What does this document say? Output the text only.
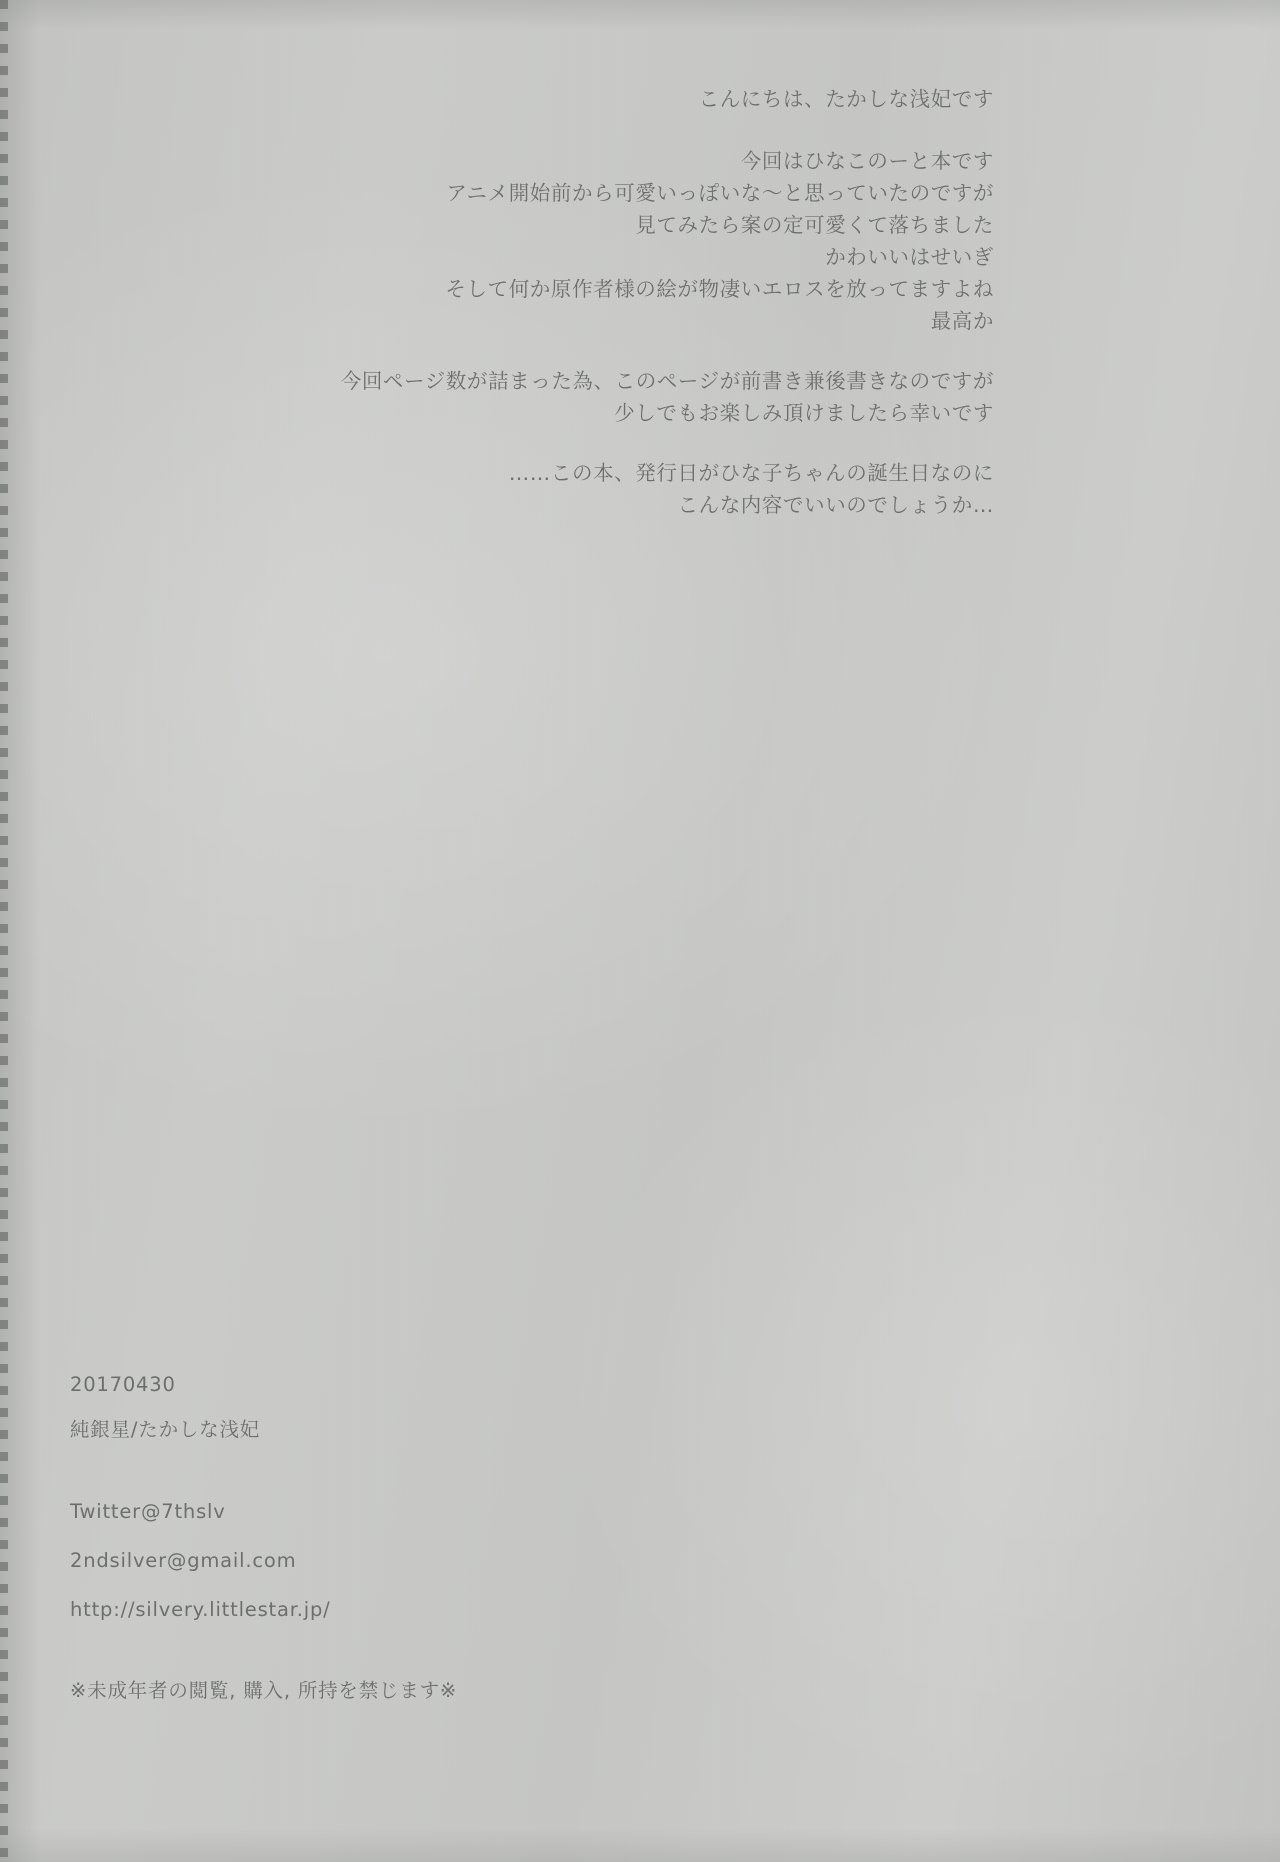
こんにちは、たかしな浅妃です
今回はひなこのーと本です
アニメ開始前から可愛いっぽいな〜と思っていたのですが
見てみたら案の定可愛くて落ちました
かわいいはせいぎ
そして何か原作者様の絵が物凄いエロスを放ってますよね
最高か
今回ページ数が詰まった為、このページが前書き兼後書きなのですが
少しでもお楽しみ頂けましたら幸いです
……この本、発行日がひな子ちゃんの誕生日なのに
こんな内容でいいのでしょうか…
20170430
純銀星/たかしな浅妃
Twitter@7thslv
2ndsilver@gmail.com
http://silvery.littlestar.jp/
※未成年者の閲覧, 購入, 所持を禁じます※
